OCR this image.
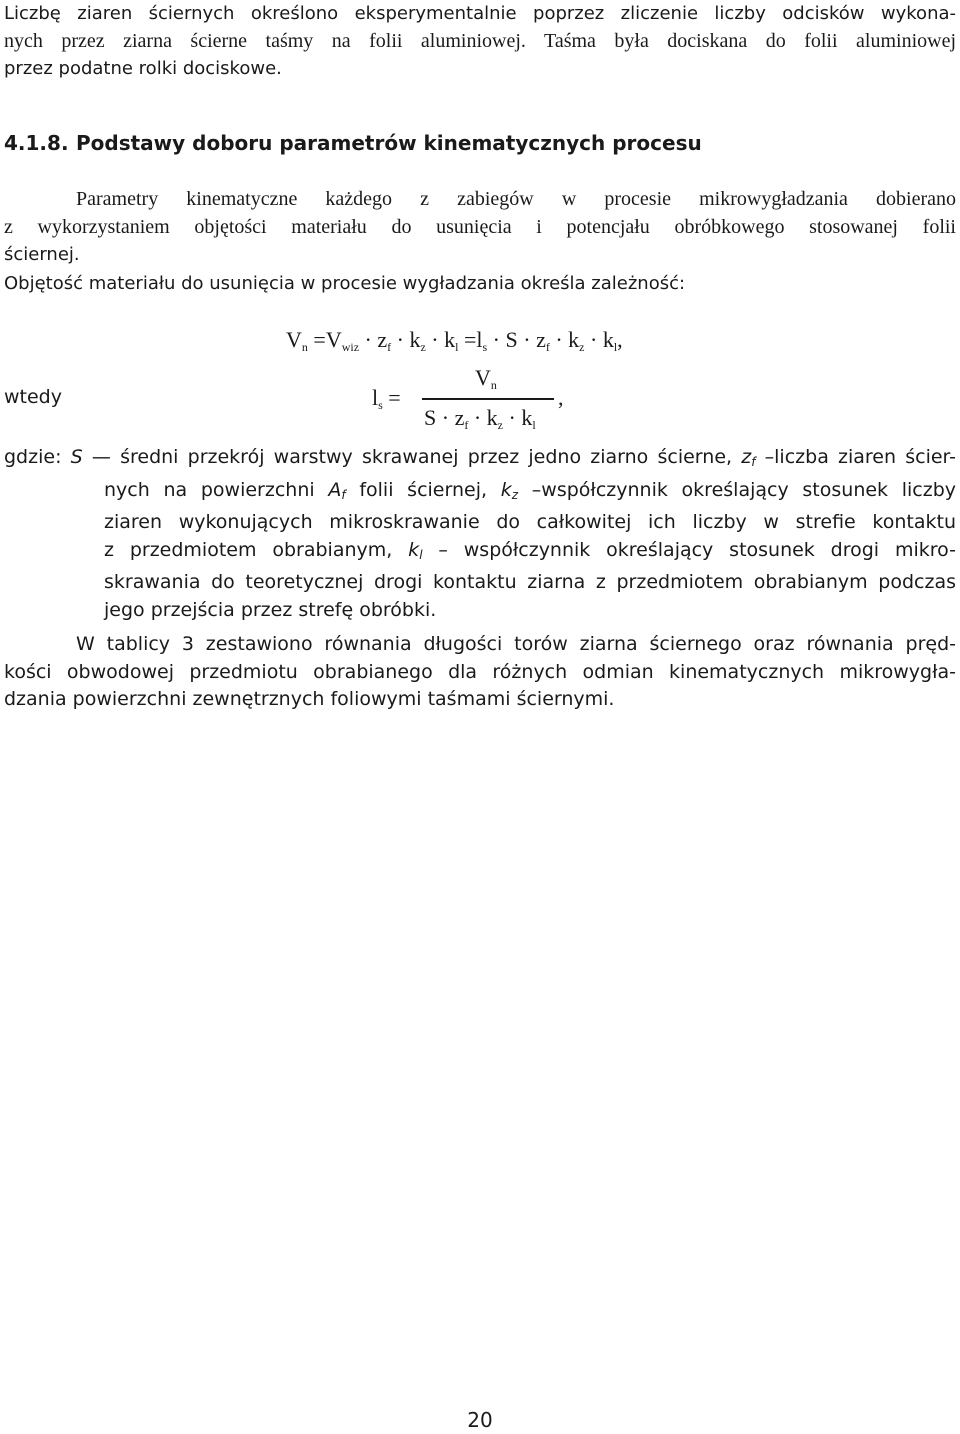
Liczbę ziaren ściernych określono eksperymentalnie poprzez zliczenie liczby odcisków wykona-
nych przez ziarna ścierne taśmy na folii aluminiowej. Taśma była dociskana do folii aluminiowej
przez podatne rolki dociskowe.
4.1.8. Podstawy doboru parametrów kinematycznych procesu
Parametry kinematyczne każdego z zabiegów w procesie mikrowygładzania dobierano
z wykorzystaniem objętości materiału do usunięcia i potencjału obróbkowego stosowanej folii
ściernej.
Objętość materiału do usunięcia w procesie wygładzania określa zależność:
$V_n =V_{wiz} \cdot z_f \cdot k_z \cdot k_l =l_s \cdot S \cdot z_f \cdot k_z \cdot k_l$,
wtedy	$l_s$ =
$V_n$	,
$S \cdot z_f \cdot k_z \cdot k_l$
gdzie: S — średni przekrój warstwy skrawanej przez jedno ziarno ścierne, $z_f$ –liczba ziaren ścier-
nych na powierzchni $A_f$ folii ściernej, $k_z$ –współczynnik określający stosunek liczby
ziaren wykonujących mikroskrawanie do całkowitej ich liczby w strefie kontaktu
z przedmiotem obrabianym, $k_l$ – współczynnik określający stosunek drogi mikro-
skrawania do teoretycznej drogi kontaktu ziarna z przedmiotem obrabianym podczas
jego przejścia przez strefę obróbki.
W tablicy 3 zestawiono równania długości torów ziarna ściernego oraz równania pręd-
kości obwodowej przedmiotu obrabianego dla różnych odmian kinematycznych mikrowygła-
dzania powierzchni zewnętrznych foliowymi taśmami ściernymi.
20
